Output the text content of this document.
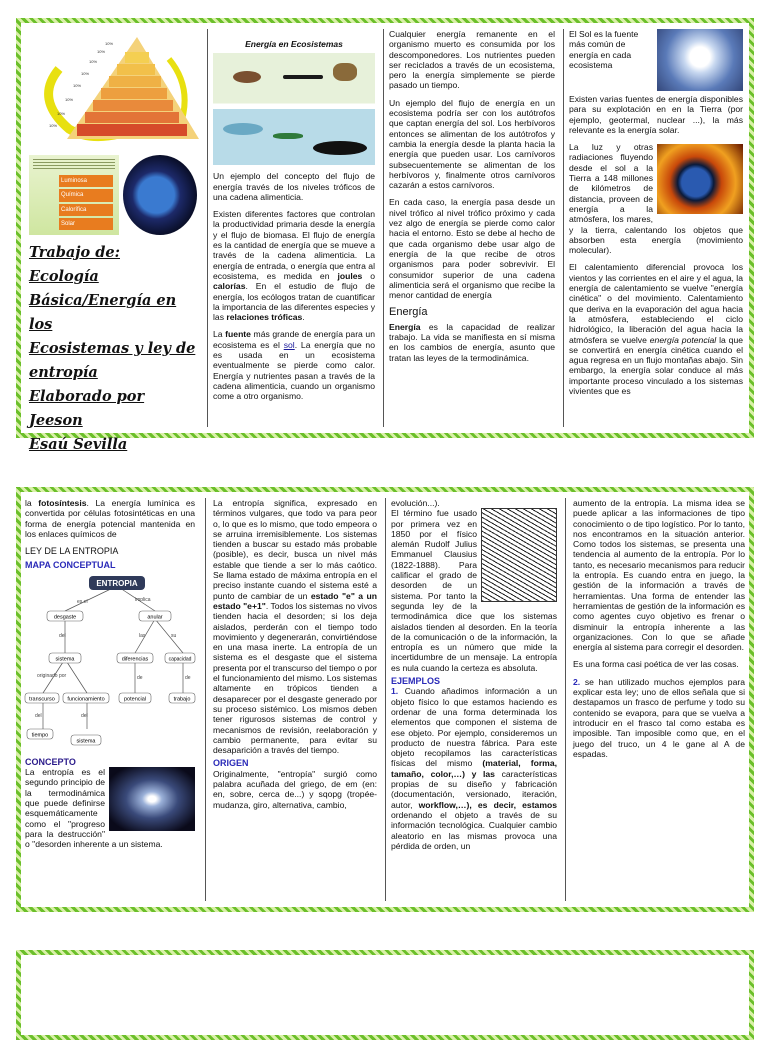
10%
10%
10%
10%
10%
10%
10%
10%
Luminosa
Química
Calorífica
Solar
Trabajo de:
Ecología
Básica/Energía en los
Ecosistemas y ley de
entropía
Elaborado por Jeeson
Esaú Sevilla
Energía en Ecosistemas

Un ejemplo del concepto del flujo de energía través de los niveles tróficos de una cadena alimenticia.

Existen diferentes factores que controlan la productividad primaria desde la energía y el flujo de biomasa. El flujo de energía es la cantidad de energía que se mueve a través de la cadena alimenticia. La energía de entrada, o energía que entra al ecosistema, es medida en joules o calorías. En el estudio de flujo de energía, los ecólogos tratan de cuantificar la importancia de las diferentes especies y las relaciones tróficas.

La fuente más grande de energía para un ecosistema es el sol. La energía que no es usada en un ecosistema eventualmente se pierde como calor. Energía y nutrientes pasan a través de la cadena alimenticia, cuando un organismo come a otro organismo.

Cualquier energía remanente en el organismo muerto es consumida por los descomponedores. Los nutrientes pueden ser reciclados a través de un ecosistema, pero la energía simplemente se pierde pasado un tiempo.

Un ejemplo del flujo de energía en un ecosistema podría ser con los autótrofos que captan energía del sol. Los herbívoros entonces se alimentan de los autótrofos y cambia la energía desde la planta hacia la energía que pueden usar. Los carnívoros subsecuentemente se alimentan de los herbívoros y, finalmente otros carnívoros cazarán a estos carnívoros.

En cada caso, la energía pasa desde un nivel trófico al nivel trófico próximo y cada vez algo de energía se pierde como calor hacia el entorno. Esto se debe al hecho de que cada organismo debe usar algo de energía de la que recibe de otros organismos para poder sobrevivir. El consumidor superior de una cadena alimenticia será el organismo que recibe la menor cantidad de energía

Energía

Energía es la capacidad de realizar trabajo. La vida se manifiesta en sí misma en los cambios de energía, asunto que tratan las leyes de la termodinámica.

El Sol es la fuente más común de energía en cada ecosistema

Existen varias fuentes de energía disponibles para su explotación en en la Tierra (por ejemplo, geotermal, nuclear ...), la más relevante es la energía solar.

La luz y otras radiaciones fluyendo desde el sol a la Tierra a 148 millones de kilómetros de distancia, proveen de energía a la atmósfera, los mares, y la tierra, calentando los objetos que absorben esta energía (movimiento molecular).

El calentamiento diferencial provoca los vientos y las corrientes en el aire y el agua, la energía de calentamiento se vuelve "energía cinética" o del movimiento. Calentamiento que deriva en la evaporación del agua hacia la atmósfera, estableciendo el ciclo hidrológico, la liberación del agua hacia la atmósfera se vuelve energía potencial la que se convertirá en energía cinética cuando el agua regresa en un flujo montañas abajo. Sin embargo, la energía solar conduce al más importante proceso vinculado a los sistemas vivientes que es

la fotosíntesis. La energía lumínica es convertida por células fotosintéticas en una forma de energía potencial mantenida en los enlaces químicos de

LEY DE LA ENTROPIA
MAPA CONCEPTUAL
ENTROPIA
es el	implica
desgaste	anular
del	las	su
sistema	diferencias	capacidad
originado por	de	de
transcurso funcionamiento	potencial	trabajo
del	del
tiempo
sistema
CONCEPTO

La entropía es el segundo principio de la termodinámica que puede definirse esquemáticamente como el "progreso para la destrucción" o "desorden inherente a un sistema.

La entropía significa, expresado en términos vulgares, que todo va para peor o, lo que es lo mismo, que todo empeora o se arruina irremisiblemente. Los sistemas tienden a buscar su estado más probable (posible), es decir, busca un nivel más estable que tiende a ser lo más caótico. Se llama estado de máxima entropía en el preciso instante cuando el sistema esté a punto de cambiar de un estado "e" a un estado "e+1". Todos los sistemas no vivos tienden hacia el desorden; si los deja aislados, perderán con el tiempo todo movimiento y degenerarán, convirtiéndose en una masa inerte. La entropía de un sistema es el desgaste que el sistema presenta por el transcurso del tiempo o por el funcionamiento del mismo. Los sistemas altamente en trópicos tienden a desaparecer por el desgaste generado por su proceso sistémico. Los mismos deben tener rigurosos sistemas de control y mecanismos de revisión, reelaboración y cambio permanente, para evitar su desaparición a través del tiempo.

ORIGEN

Originalmente, "entropía" surgió como palabra acuñada del griego, de em (en: en, sobre, cerca de...) y sqopg (tropée-mudanza, giro, alternativa, cambio,

evolución...).

El término fue usado por primera vez en 1850 por el físico alemán Rudolf Julius Emmanuel Clausius (1822-1888). Para calificar el grado de desorden de un sistema. Por tanto la segunda ley de la termodinámica dice que los sistemas aislados tienden al desorden. En la teoría de la comunicación o de la información, la entropía es un número que mide la incertidumbre de un mensaje. La entropía es nula cuando la certeza es absoluta.

EJEMPLOS

1. Cuando añadimos información a un objeto físico lo que estamos haciendo es ordenar de una forma determinada los elementos que componen el sistema de ese objeto. Por ejemplo, consideremos un producto de nuestra fábrica. Para este objeto recopilamos las características físicas del mismo (material, forma, tamaño, color,…) y las características propias de su diseño y fabricación (documentación, versionado, iteración, autor, workflow,…), es decir, estamos ordenando el objeto a través de su información tecnológica. Cualquier cambio aleatorio en las mismas provoca una pérdida de orden, un

aumento de la entropía. La misma idea se puede aplicar a las informaciones de tipo conocimiento o de tipo logístico. Por lo tanto, nos encontramos en la situación anterior. Como todos los sistemas, se presenta una tendencia al aumento de la entropía. Por lo tanto, es necesario mecanismos para reducir la entropía. Es cuando entra en juego, la gestión de la información a través de herramientas. Una forma de entender las herramientas de gestión de la información es como agentes cuyo objetivo es frenar o disminuir la entropía inherente a las organizaciones. Con lo que se añade energía al sistema para corregir el desorden.

Es una forma casi poética de ver las cosas.

2. se han utilizado muchos ejemplos para explicar esta ley; uno de ellos señala que si destapamos un frasco de perfume y todo su contenido se evapora, para que se vuelva a introducir en el frasco tal como estaba es imposible. Tan imposible como que, en el juego del truco, un 4 le gane al A de espadas.
